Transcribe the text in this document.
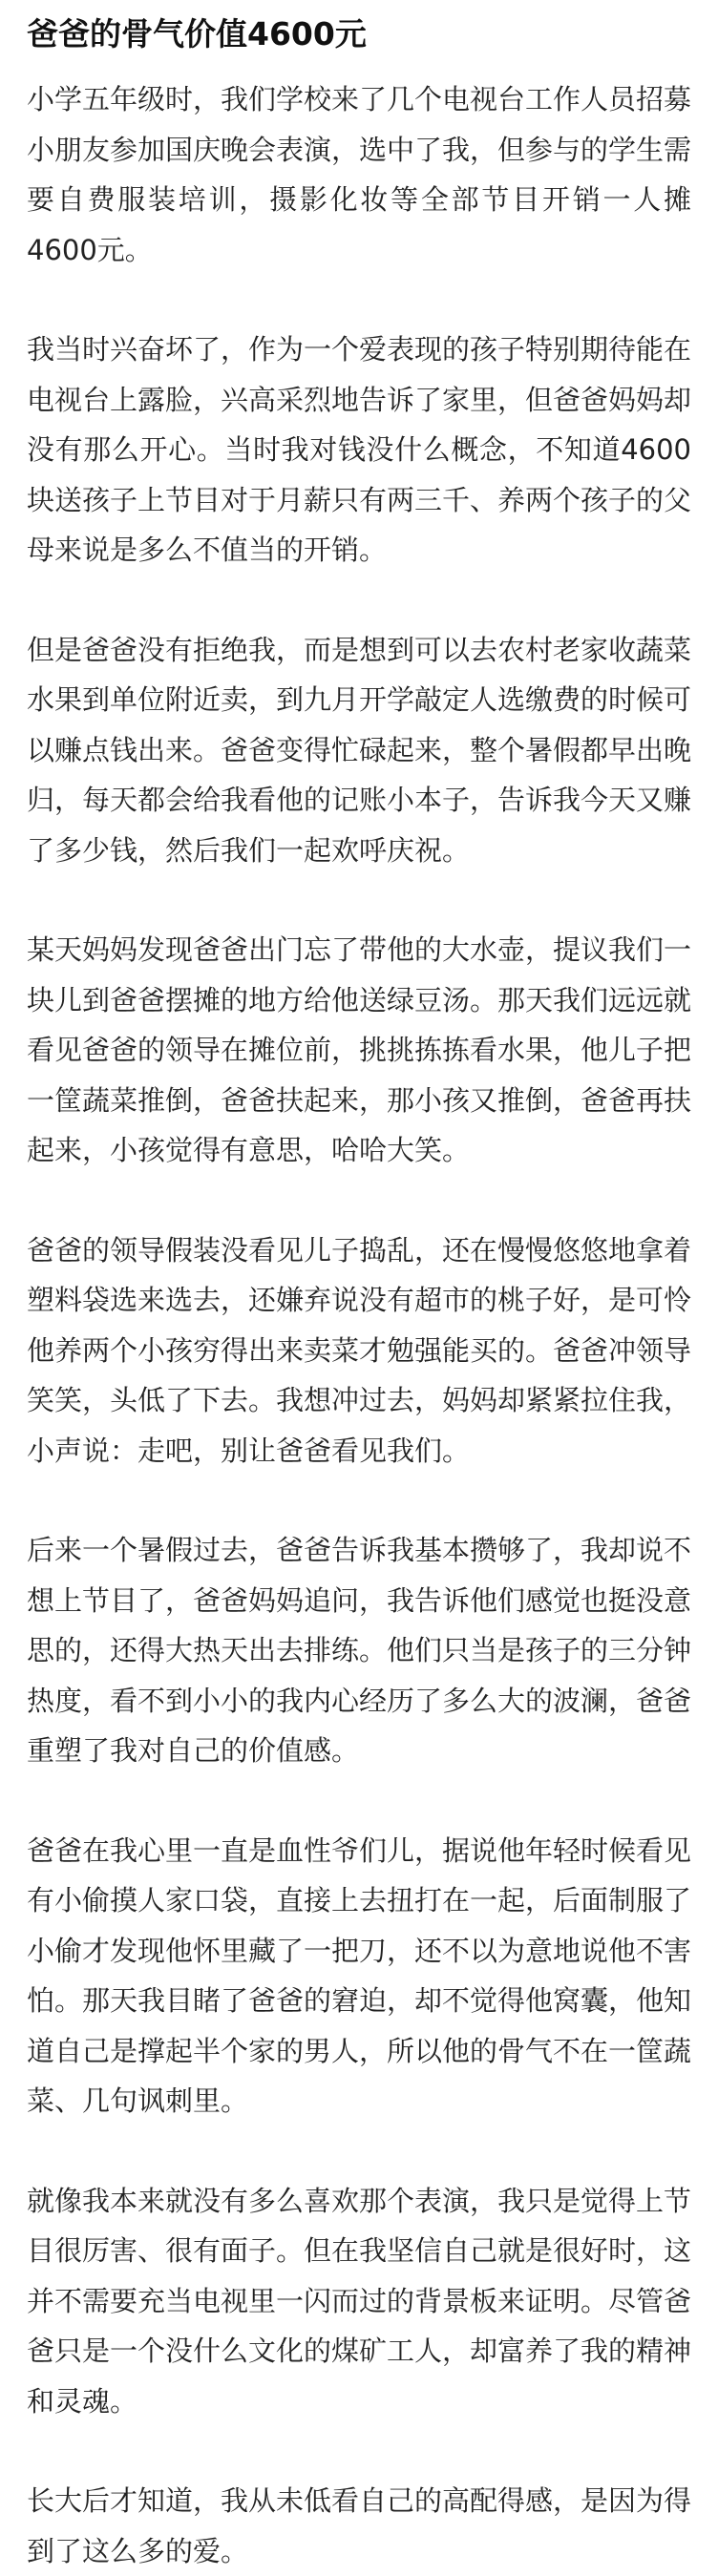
爸爸的骨气价值4600元

小学五年级时，我们学校来了几个电视台工作人员招募小朋友参加国庆晚会表演，选中了我，但参与的学生需要自费服装培训，摄影化妆等全部节目开销一人摊4600元。

我当时兴奋坏了，作为一个爱表现的孩子特别期待能在电视台上露脸，兴高采烈地告诉了家里，但爸爸妈妈却没有那么开心。当时我对钱没什么概念，不知道4600块送孩子上节目对于月薪只有两三千、养两个孩子的父母来说是多么不值当的开销。

但是爸爸没有拒绝我，而是想到可以去农村老家收蔬菜水果到单位附近卖，到九月开学敲定人选缴费的时候可以赚点钱出来。爸爸变得忙碌起来，整个暑假都早出晚归，每天都会给我看他的记账小本子，告诉我今天又赚了多少钱，然后我们一起欢呼庆祝。

某天妈妈发现爸爸出门忘了带他的大水壶，提议我们一块儿到爸爸摆摊的地方给他送绿豆汤。那天我们远远就看见爸爸的领导在摊位前，挑挑拣拣看水果，他儿子把一筐蔬菜推倒，爸爸扶起来，那小孩又推倒，爸爸再扶起来，小孩觉得有意思，哈哈大笑。

爸爸的领导假装没看见儿子捣乱，还在慢慢悠悠地拿着塑料袋选来选去，还嫌弃说没有超市的桃子好，是可怜他养两个小孩穷得出来卖菜才勉强能买的。爸爸冲领导笑笑，头低了下去。我想冲过去，妈妈却紧紧拉住我，小声说：走吧，别让爸爸看见我们。

后来一个暑假过去，爸爸告诉我基本攒够了，我却说不想上节目了，爸爸妈妈追问，我告诉他们感觉也挺没意思的，还得大热天出去排练。他们只当是孩子的三分钟热度，看不到小小的我内心经历了多么大的波澜，爸爸重塑了我对自己的价值感。

爸爸在我心里一直是血性爷们儿，据说他年轻时候看见有小偷摸人家口袋，直接上去扭打在一起，后面制服了小偷才发现他怀里藏了一把刀，还不以为意地说他不害怕。那天我目睹了爸爸的窘迫，却不觉得他窝囊，他知道自己是撑起半个家的男人，所以他的骨气不在一筐蔬菜、几句讽刺里。

就像我本来就没有多么喜欢那个表演，我只是觉得上节目很厉害、很有面子。但在我坚信自己就是很好时，这并不需要充当电视里一闪而过的背景板来证明。尽管爸爸只是一个没什么文化的煤矿工人，却富养了我的精神和灵魂。

长大后才知道，我从未低看自己的高配得感，是因为得到了这么多的爱。
